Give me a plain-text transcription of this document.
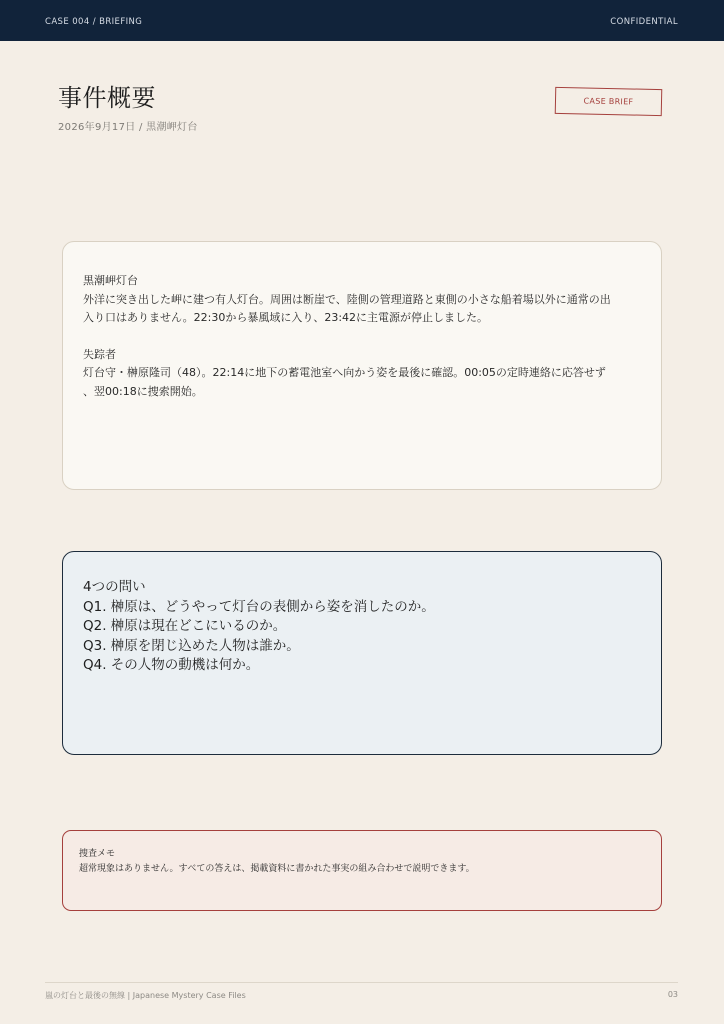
CASE 004 / BRIEFING	CONFIDENTIAL
事件概要
2026年9月17日 / 黒潮岬灯台
CASE BRIEF
黒潮岬灯台
外洋に突き出した岬に建つ有人灯台。周囲は断崖で、陸側の管理道路と東側の小さな船着場以外に通常の出
入り口はありません。22:30から暴風域に入り、23:42に主電源が停止しました。
失踪者
灯台守・榊原隆司（48）。22:14に地下の蓄電池室へ向かう姿を最後に確認。00:05の定時連絡に応答せず
、翌00:18に捜索開始。
4つの問い
Q1. 榊原は、どうやって灯台の表側から姿を消したのか。
Q2. 榊原は現在どこにいるのか。
Q3. 榊原を閉じ込めた人物は誰か。
Q4. その人物の動機は何か。
捜査メモ
超常現象はありません。すべての答えは、掲載資料に書かれた事実の組み合わせで説明できます。
嵐の灯台と最後の無線 | Japanese Mystery Case Files	03
